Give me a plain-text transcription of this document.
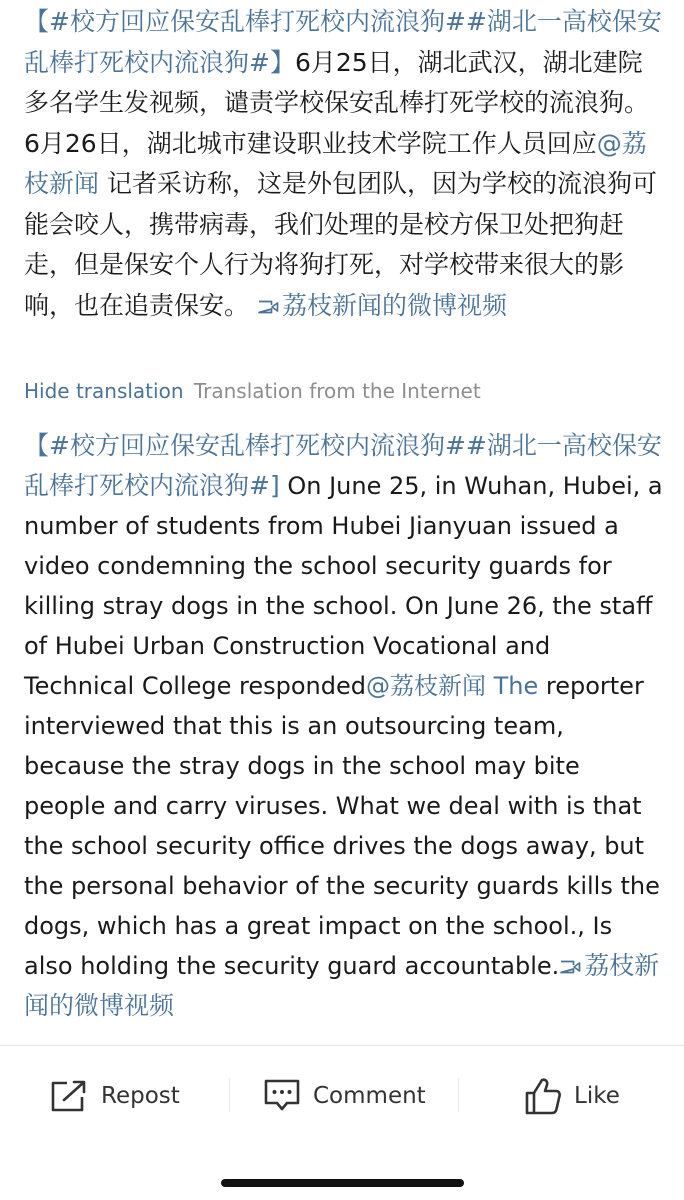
【#校方回应保安乱棒打死校内流浪狗##湖北一高校保安乱棒打死校内流浪狗#】6月25日，湖北武汉，湖北建院多名学生发视频，谴责学校保安乱棒打死学校的流浪狗。6月26日，湖北城市建设职业技术学院工作人员回应@荔枝新闻 记者采访称，这是外包团队，因为学校的流浪狗可能会咬人，携带病毒，我们处理的是校方保卫处把狗赶走，但是保安个人行为将狗打死，对学校带来很大的影响，也在追责保安。 荔枝新闻的微博视频

Hide translation Translation from the Internet

【#校方回应保安乱棒打死校内流浪狗##湖北一高校保安乱棒打死校内流浪狗#] On June 25, in Wuhan, Hubei, a number of students from Hubei Jianyuan issued a video condemning the school security guards for killing stray dogs in the school. On June 26, the staff of Hubei Urban Construction Vocational and Technical College responded@荔枝新闻 The reporter interviewed that this is an outsourcing team, because the stray dogs in the school may bite people and carry viruses. What we deal with is that the school security office drives the dogs away, but the personal behavior of the security guards kills the dogs, which has a great impact on the school., Is also holding the security guard accountable. 荔枝新闻的微博视频

Repost	Comment	Like
